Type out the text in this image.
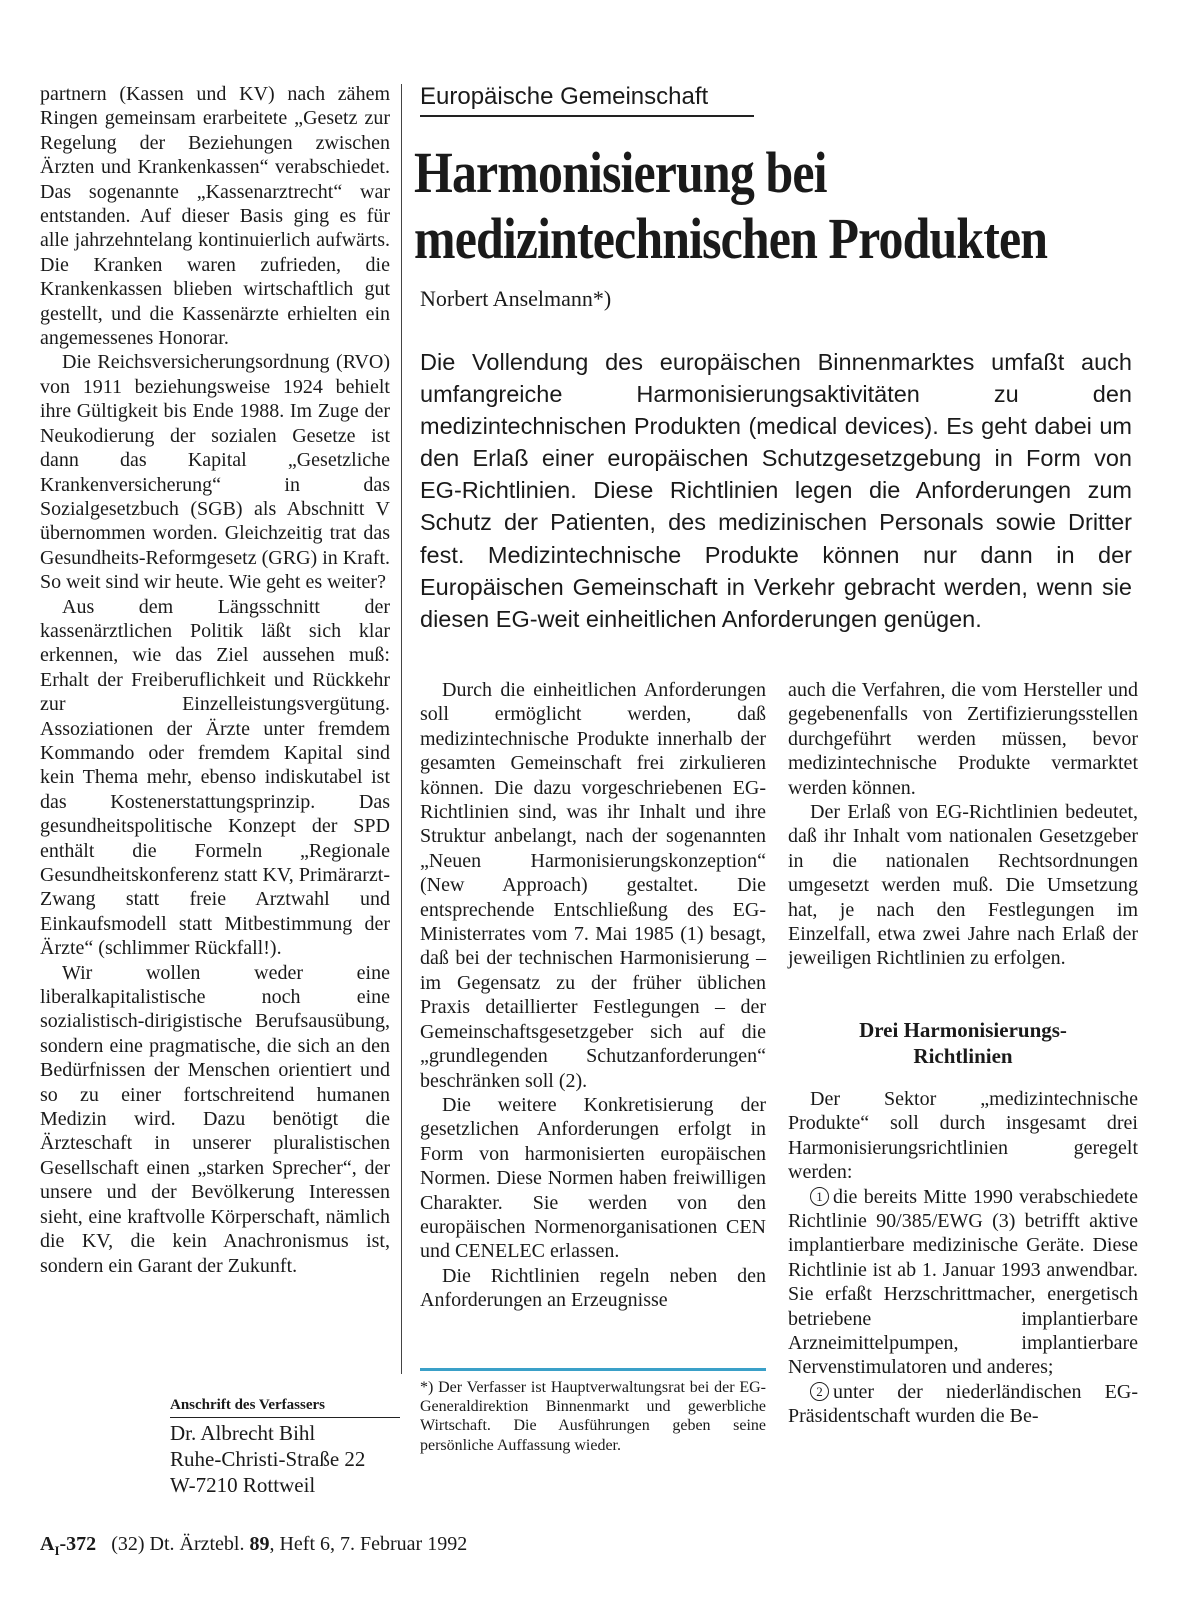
partnern (Kassen und KV) nach zähem Ringen gemeinsam erarbeitete „Gesetz zur Regelung der Beziehungen zwischen Ärzten und Krankenkassen“ verabschiedet. Das sogenannte „Kassenarztrecht“ war entstanden. Auf dieser Basis ging es für alle jahrzehntelang kontinuierlich aufwärts. Die Kranken waren zufrieden, die Krankenkassen blieben wirtschaftlich gut gestellt, und die Kassenärzte erhielten ein angemessenes Honorar.

Die Reichsversicherungsordnung (RVO) von 1911 beziehungsweise 1924 behielt ihre Gültigkeit bis Ende 1988. Im Zuge der Neukodierung der sozialen Gesetze ist dann das Kapital „Gesetzliche Krankenversicherung“ in das Sozialgesetzbuch (SGB) als Abschnitt V übernommen worden. Gleichzeitig trat das Gesundheits-Reformgesetz (GRG) in Kraft. So weit sind wir heute. Wie geht es weiter?

Aus dem Längsschnitt der kassenärztlichen Politik läßt sich klar erkennen, wie das Ziel aussehen muß: Erhalt der Freiberuflichkeit und Rückkehr zur Einzelleistungsvergütung. Assoziationen der Ärzte unter fremdem Kommando oder fremdem Kapital sind kein Thema mehr, ebenso indiskutabel ist das Kostenerstattungsprinzip. Das gesundheitspolitische Konzept der SPD enthält die Formeln „Regionale Gesundheitskonferenz statt KV, Primärarzt-Zwang statt freie Arztwahl und Einkaufsmodell statt Mitbestimmung der Ärzte“ (schlimmer Rückfall!).

Wir wollen weder eine liberalkapitalistische noch eine sozialistisch-dirigistische Berufsausübung, sondern eine pragmatische, die sich an den Bedürfnissen der Menschen orientiert und so zu einer fortschreitend humanen Medizin wird. Dazu benötigt die Ärzteschaft in unserer pluralistischen Gesellschaft einen „starken Sprecher“, der unsere und der Bevölkerung Interessen sieht, eine kraftvolle Körperschaft, nämlich die KV, die kein Anachronismus ist, sondern ein Garant der Zukunft.

Anschrift des Verfassers
Dr. Albrecht Bihl
Ruhe-Christi-Straße 22
W-7210 Rottweil
Europäische Gemeinschaft
Harmonisierung bei
medizintechnischen Produkten
Norbert Anselmann*)
Die Vollendung des europäischen Binnenmarktes umfaßt auch umfangreiche Harmonisierungsaktivitäten zu den medizintechnischen Produkten (medical devices). Es geht dabei um den Erlaß einer europäischen Schutzgesetzgebung in Form von EG-Richtlinien. Diese Richtlinien legen die Anforderungen zum Schutz der Patienten, des medizinischen Personals sowie Dritter fest. Medizintechnische Produkte können nur dann in der Europäischen Gemeinschaft in Verkehr gebracht werden, wenn sie diesen EG-weit einheitlichen Anforderungen genügen.

Durch die einheitlichen Anforderungen soll ermöglicht werden, daß medizintechnische Produkte innerhalb der gesamten Gemeinschaft frei zirkulieren können. Die dazu vorgeschriebenen EG-Richtlinien sind, was ihr Inhalt und ihre Struktur anbelangt, nach der sogenannten „Neuen Harmonisierungskonzeption“ (New Approach) gestaltet. Die entsprechende Entschließung des EG-Ministerrates vom 7. Mai 1985 (1) besagt, daß bei der technischen Harmonisierung – im Gegensatz zu der früher üblichen Praxis detaillierter Festlegungen – der Gemeinschaftsgesetzgeber sich auf die „grundlegenden Schutzanforderungen“ beschränken soll (2).

Die weitere Konkretisierung der gesetzlichen Anforderungen erfolgt in Form von harmonisierten europäischen Normen. Diese Normen haben freiwilligen Charakter. Sie werden von den europäischen Normenorganisationen CEN und CENELEC erlassen.

Die Richtlinien regeln neben den Anforderungen an Erzeugnisse

*) Der Verfasser ist Hauptverwaltungsrat bei der EG-Generaldirektion Binnenmarkt und gewerbliche Wirtschaft. Die Ausführungen geben seine persönliche Auffassung wieder.

auch die Verfahren, die vom Hersteller und gegebenenfalls von Zertifizierungsstellen durchgeführt werden müssen, bevor medizintechnische Produkte vermarktet werden können.

Der Erlaß von EG-Richtlinien bedeutet, daß ihr Inhalt vom nationalen Gesetzgeber in die nationalen Rechtsordnungen umgesetzt werden muß. Die Umsetzung hat, je nach den Festlegungen im Einzelfall, etwa zwei Jahre nach Erlaß der jeweiligen Richtlinien zu erfolgen.

Drei Harmonisierungs-
Richtlinien

Der Sektor „medizintechnische Produkte“ soll durch insgesamt drei Harmonisierungsrichtlinien geregelt werden:

1 die bereits Mitte 1990 verabschiedete Richtlinie 90/385/EWG (3) betrifft aktive implantierbare medizinische Geräte. Diese Richtlinie ist ab 1. Januar 1993 anwendbar. Sie erfaßt Herzschrittmacher, energetisch betriebene implantierbare Arzneimittelpumpen, implantierbare Nervenstimulatoren und anderes;

2 unter der niederländischen EG-Präsidentschaft wurden die Be-

$A_I-372$ (32) Dt. Ärztebl. 89, Heft 6, 7. Februar 1992
